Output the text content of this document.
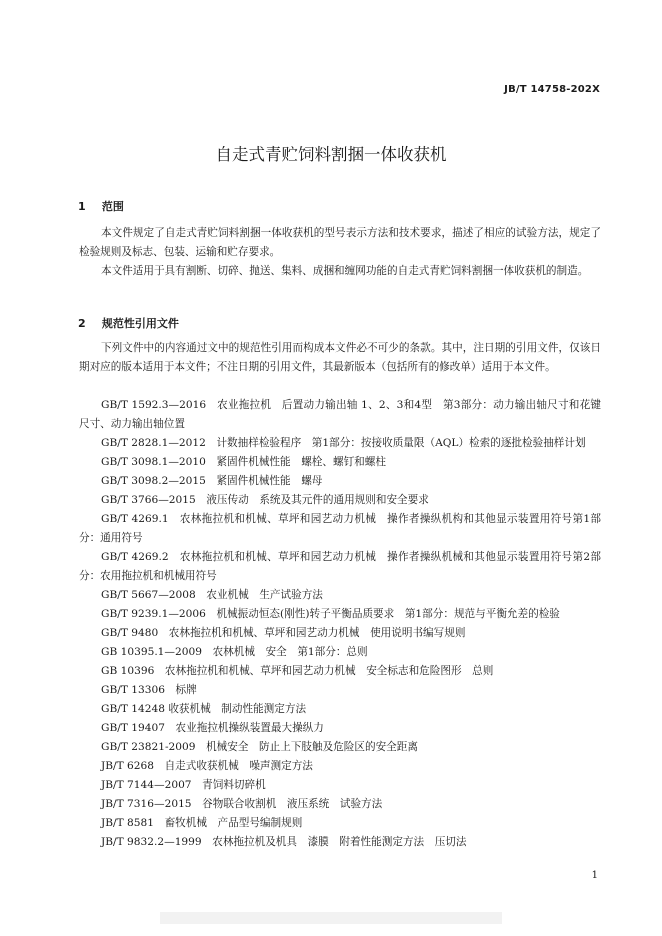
JB/T 14758-202X
自走式青贮饲料割捆一体收获机
1 范围

本文件规定了自走式青贮饲料割捆一体收获机的型号表示方法和技术要求，描述了相应的试验方法，规定了检验规则及标志、包装、运输和贮存要求。

本文件适用于具有割断、切碎、抛送、集料、成捆和缠网功能的自走式青贮饲料割捆一体收获机的制造。

2 规范性引用文件

下列文件中的内容通过文中的规范性引用而构成本文件必不可少的条款。其中，注日期的引用文件，仅该日期对应的版本适用于本文件；不注日期的引用文件，其最新版本（包括所有的修改单）适用于本文件。

GB/T 1592.3—2016　农业拖拉机　后置动力输出轴 1、2、3和4型　第3部分：动力输出轴尺寸和花键尺寸、动力输出轴位置
GB/T 2828.1—2012　计数抽样检验程序　第1部分：按接收质量限（AQL）检索的逐批检验抽样计划
GB/T 3098.1—2010　紧固件机械性能　螺栓、螺钉和螺柱
GB/T 3098.2—2015　紧固件机械性能　螺母
GB/T 3766—2015　液压传动　系统及其元件的通用规则和安全要求
GB/T 4269.1　农林拖拉机和机械、草坪和园艺动力机械　操作者操纵机构和其他显示装置用符号第1部分：通用符号
GB/T 4269.2　农林拖拉机和机械、草坪和园艺动力机械　操作者操纵机械和其他显示装置用符号第2部分：农用拖拉机和机械用符号
GB/T 5667—2008　农业机械　生产试验方法
GB/T 9239.1—2006　机械振动恒态(刚性)转子平衡品质要求　第1部分：规范与平衡允差的检验
GB/T 9480　农林拖拉机和机械、草坪和园艺动力机械　使用说明书编写规则
GB 10395.1—2009　农林机械　安全　第1部分：总则
GB 10396　农林拖拉机和机械、草坪和园艺动力机械　安全标志和危险图形　总则
GB/T 13306　标牌
GB/T 14248 收获机械　制动性能测定方法
GB/T 19407　农业拖拉机操纵装置最大操纵力
GB/T 23821-2009　机械安全　防止上下肢触及危险区的安全距离
JB/T 6268　自走式收获机械　噪声测定方法
JB/T 7144—2007　青饲料切碎机
JB/T 7316—2015　谷物联合收割机　液压系统　试验方法
JB/T 8581　畜牧机械　产品型号编制规则
JB/T 9832.2—1999　农林拖拉机及机具　漆膜　附着性能测定方法　压切法
1
